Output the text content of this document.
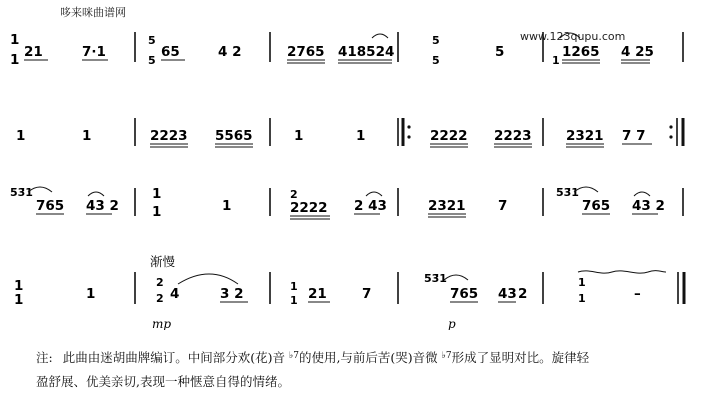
哆来咪曲谱网
www.123qupu.com
1
1 21	7·1
5
5
65	4 2	2765 418524
5
5
5
1
1265 4 25
1	1	2223 5565	1	1	2222 2223	2321 7 7
5̄3̄1
765 43 2
1
1	1
2
2222 2 43	2321 7
5̄3̄1
765 43 2
渐慢
1
1	1
2
2 4	3 2
mp
1
1 21	7
p
5̄3̄1
765 43 2
1
1	–
注: 此曲由迷胡曲牌编订。中间部分欢(花)音 $^{♭7}$的使用,与前后苦(哭)音微 $^{♭7}$形成了显明对比。旋律轻
盈舒展、优美亲切,表现一种惬意自得的情绪。
